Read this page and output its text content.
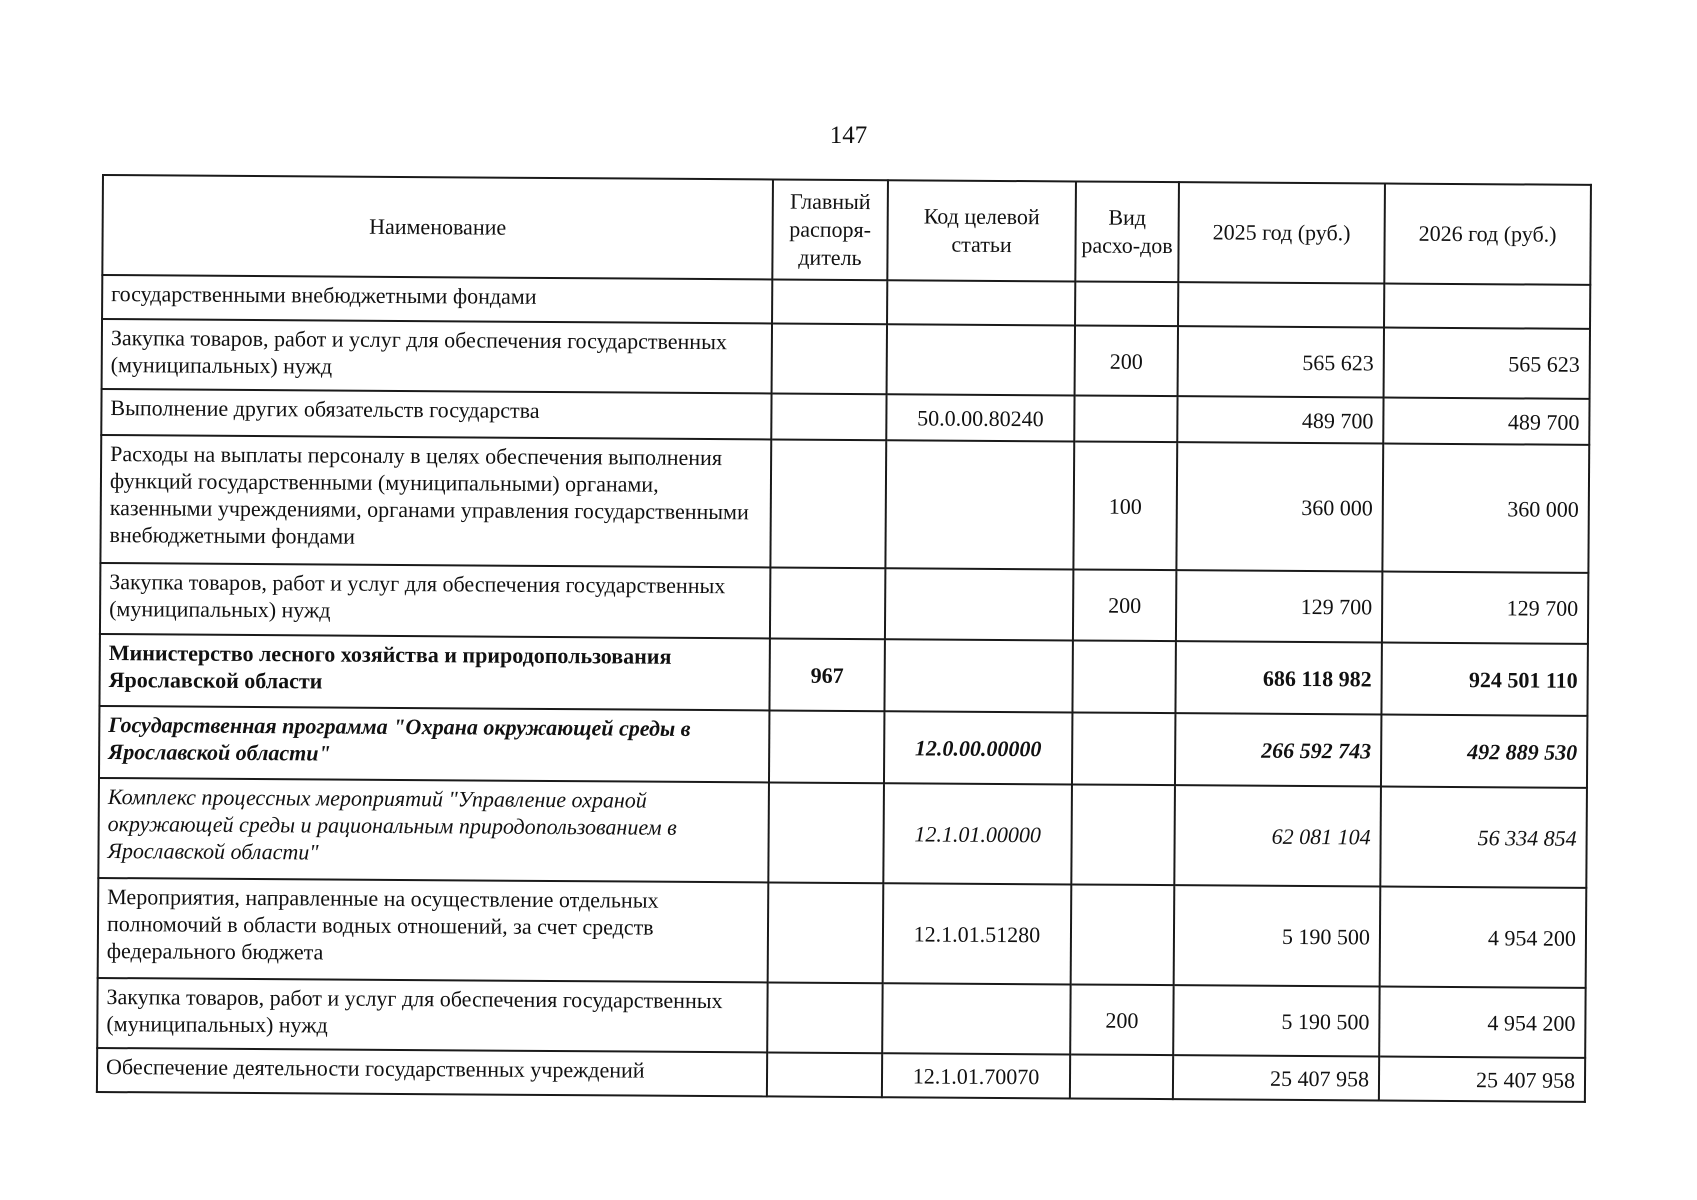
147
Наименование	Главный распоря-дитель	Код целевой статьи	Вид расхо-дов	2025 год (руб.)	2026 год (руб.)
государственными внебюджетными фондами					
Закупка товаров, работ и услуг для обеспечения государственных (муниципальных) нужд			200	565 623	565 623
Выполнение других обязательств государства		50.0.00.80240		489 700	489 700
Расходы на выплаты персоналу в целях обеспечения выполнения функций государственными (муниципальными) органами, казенными учреждениями, органами управления государственными внебюджетными фондами			100	360 000	360 000
Закупка товаров, работ и услуг для обеспечения государственных (муниципальных) нужд			200	129 700	129 700
Министерство лесного хозяйства и природопользования Ярославской области	967			686 118 982	924 501 110
Государственная программа "Охрана окружающей среды в Ярославской области"		12.0.00.00000		266 592 743	492 889 530
Комплекс процессных мероприятий "Управление охраной окружающей среды и рациональным природопользованием в Ярославской области"		12.1.01.00000		62 081 104	56 334 854
Мероприятия, направленные на осуществление отдельных полномочий в области водных отношений, за счет средств федерального бюджета		12.1.01.51280		5 190 500	4 954 200
Закупка товаров, работ и услуг для обеспечения государственных (муниципальных) нужд			200	5 190 500	4 954 200
Обеспечение деятельности государственных учреждений		12.1.01.70070		25 407 958	25 407 958
